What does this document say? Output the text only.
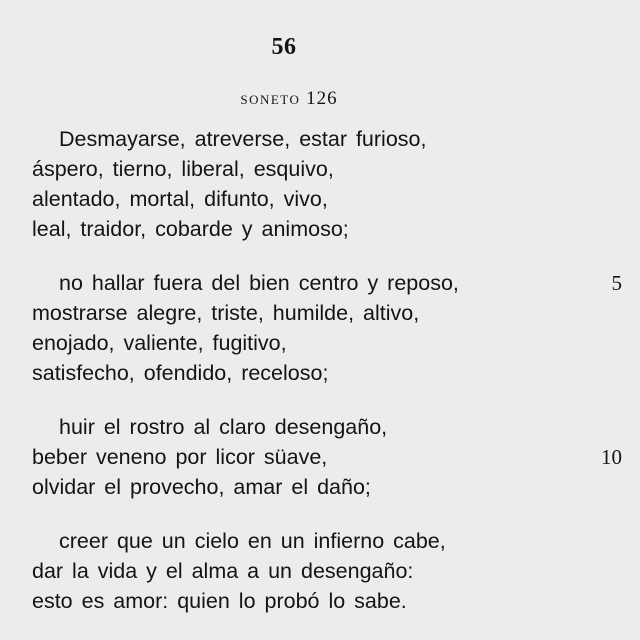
56
soneto 126
Desmayarse, atreverse, estar furioso,
áspero, tierno, liberal, esquivo,
alentado, mortal, difunto, vivo,
leal, traidor, cobarde y animoso;
no hallar fuera del bien centro y reposo,	5
mostrarse alegre, triste, humilde, altivo,
enojado, valiente, fugitivo,
satisfecho, ofendido, receloso;
huir el rostro al claro desengaño,
beber veneno por licor süave,	10
olvidar el provecho, amar el daño;
creer que un cielo en un infierno cabe,
dar la vida y el alma a un desengaño:
esto es amor: quien lo probó lo sabe.
